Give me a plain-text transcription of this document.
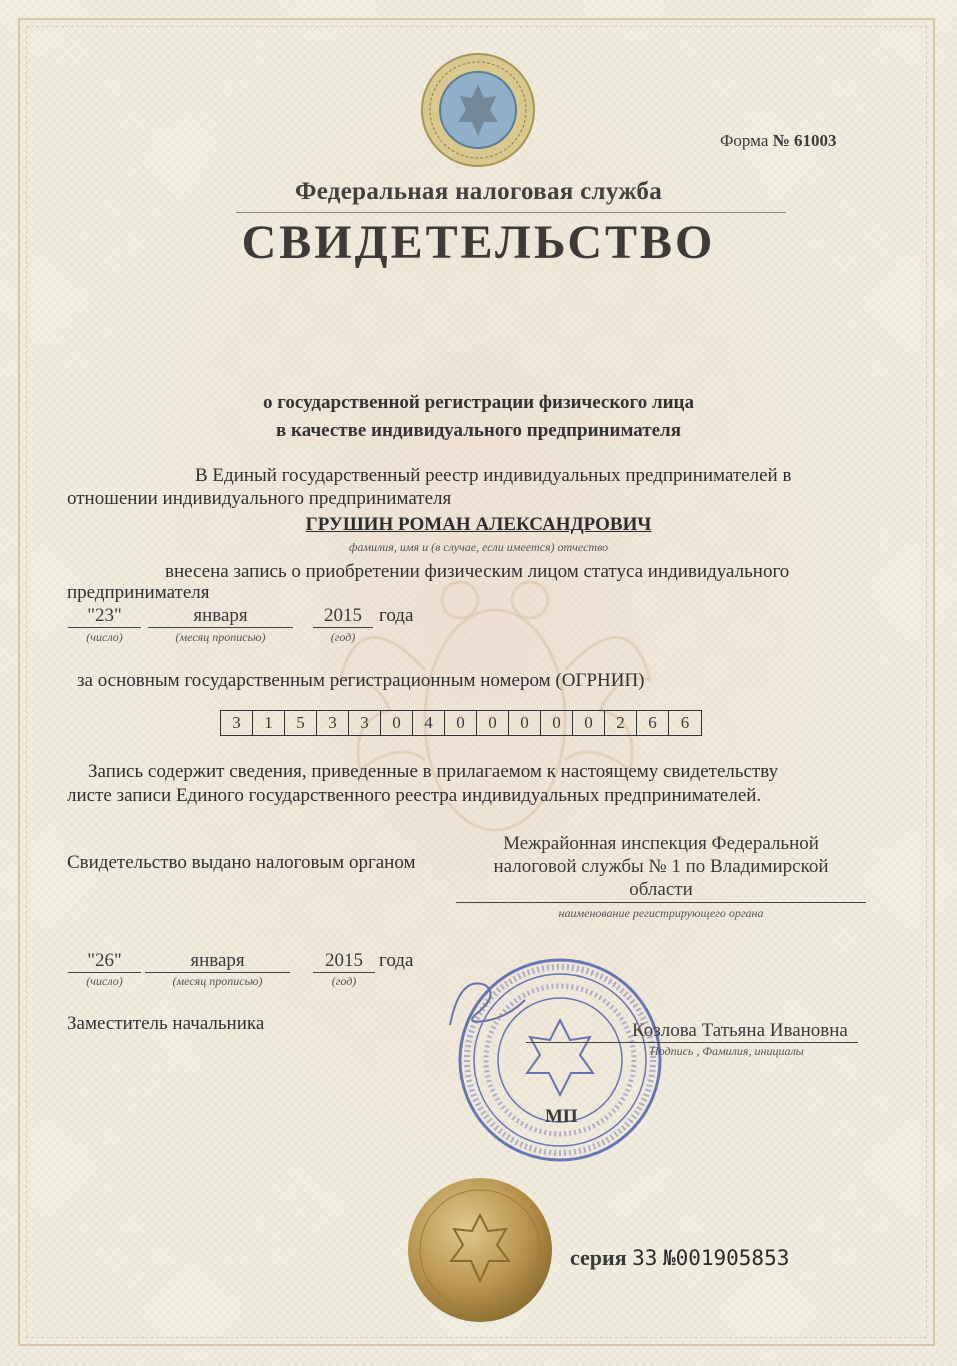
Форма № 61003
Федеральная налоговая служба
СВИДЕТЕЛЬСТВО
о государственной регистрации физического лица
в качестве индивидуального предпринимателя
В Единый государственный реестр индивидуальных предпринимателей в
отношении индивидуального предпринимателя
ГРУШИН РОМАН АЛЕКСАНДРОВИЧ
фамилия, имя и (в случае, если имеется) отчество
внесена запись о приобретении физическим лицом статуса индивидуального
предпринимателя
"23"	января	2015 года
(число)	(месяц прописью)	(год)
за основным государственным регистрационным номером (ОГРНИП)
3	1	5	3	3	0	4	0	0	0	0	0	2	6	6
Запись содержит сведения, приведенные в прилагаемом к настоящему свидетельству
листе записи Единого государственного реестра индивидуальных предпринимателей.
Свидетельство выдано налоговым органом
Межрайонная инспекция Федеральной
налоговой службы № 1 по Владимирской
области
наименование регистрирующего органа
"26"	января	2015 года
(число)	(месяц прописью)	(год)
Заместитель начальника	Козлова Татьяна Ивановна
Подпись , Фамилия, инициалы
МП
серия 33 №001905853
